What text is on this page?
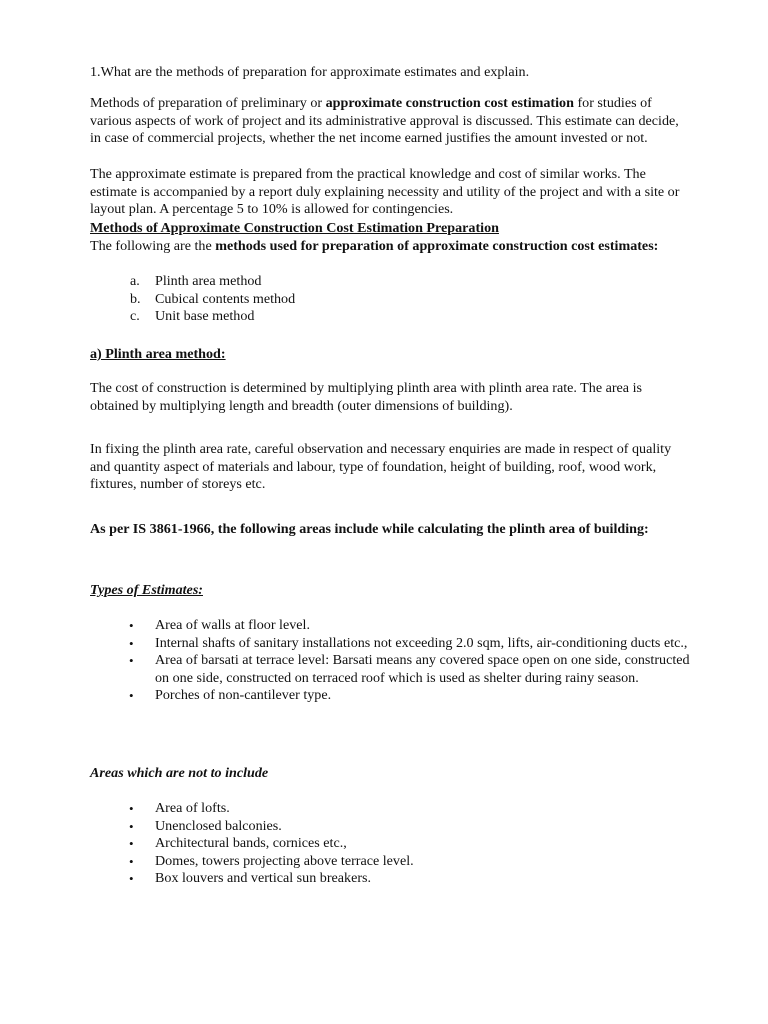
1.What are the methods of preparation for approximate estimates and explain.

Methods of preparation of preliminary or approximate construction cost estimation for studies of various aspects of work of project and its administrative approval is discussed. This estimate can decide, in case of commercial projects, whether the net income earned justifies the amount invested or not.

The approximate estimate is prepared from the practical knowledge and cost of similar works. The estimate is accompanied by a report duly explaining necessity and utility of the project and with a site or layout plan. A percentage 5 to 10% is allowed for contingencies.

Methods of Approximate Construction Cost Estimation Preparation

The following are the methods used for preparation of approximate construction cost estimates:

a. Plinth area method
b. Cubical contents method
c. Unit base method

a) Plinth area method:

The cost of construction is determined by multiplying plinth area with plinth area rate. The area is obtained by multiplying length and breadth (outer dimensions of building).

In fixing the plinth area rate, careful observation and necessary enquiries are made in respect of quality and quantity aspect of materials and labour, type of foundation, height of building, roof, wood work, fixtures, number of storeys etc.

As per IS 3861-1966, the following areas include while calculating the plinth area of building:

Types of Estimates:

• Area of walls at floor level.
• Internal shafts of sanitary installations not exceeding 2.0 sqm, lifts, air-conditioning ducts etc.,
• Area of barsati at terrace level: Barsati means any covered space open on one side, constructed on one side, constructed on terraced roof which is used as shelter during rainy season.
• Porches of non-cantilever type.

Areas which are not to include

• Area of lofts.
• Unenclosed balconies.
• Architectural bands, cornices etc.,
• Domes, towers projecting above terrace level.
• Box louvers and vertical sun breakers.
